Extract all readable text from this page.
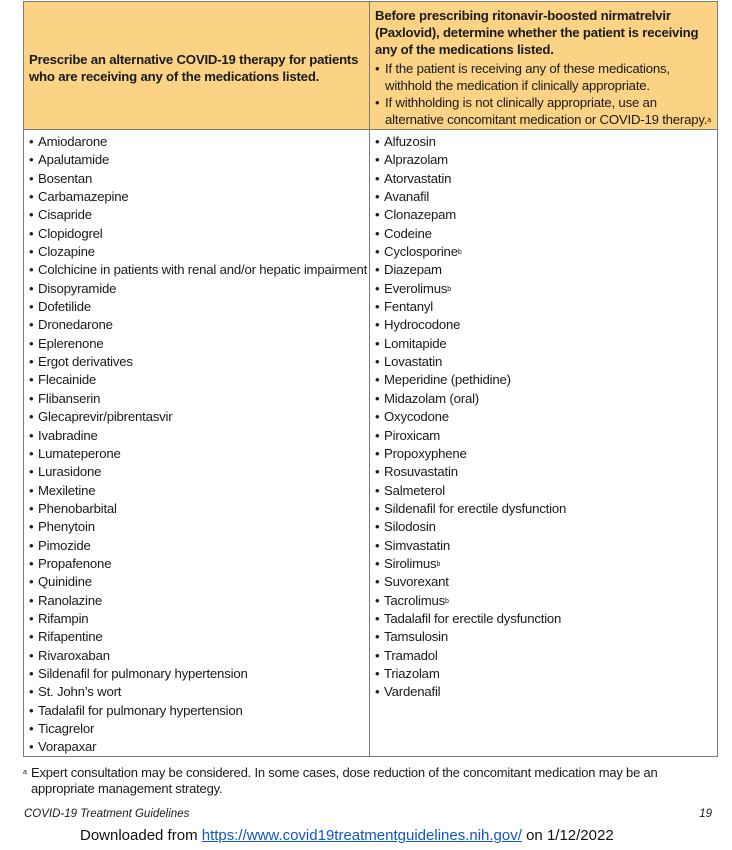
Prescribe an alternative COVID-19 therapy for patients who are receiving any of the medications listed.
Before prescribing ritonavir-boosted nirmatrelvir (Paxlovid), determine whether the patient is receiving any of the medications listed.
• If the patient is receiving any of these medications, withhold the medication if clinically appropriate.
• If withholding is not clinically appropriate, use an alternative concomitant medication or COVID-19 therapy.$^a$
• Amiodarone
• Apalutamide
• Bosentan
• Carbamazepine
• Cisapride
• Clopidogrel
• Clozapine
• Colchicine in patients with renal and/or hepatic impairment
• Disopyramide
• Dofetilide
• Dronedarone
• Eplerenone
• Ergot derivatives
• Flecainide
• Flibanserin
• Glecaprevir/pibrentasvir
• Ivabradine
• Lumateperone
• Lurasidone
• Mexiletine
• Phenobarbital
• Phenytoin
• Pimozide
• Propafenone
• Quinidine
• Ranolazine
• Rifampin
• Rifapentine
• Rivaroxaban
• Sildenafil for pulmonary hypertension
• St. John’s wort
• Tadalafil for pulmonary hypertension
• Ticagrelor
• Vorapaxar
• Alfuzosin
• Alprazolam
• Atorvastatin
• Avanafil
• Clonazepam
• Codeine
• Cyclosporine$^b$
• Diazepam
• Everolimus$^b$
• Fentanyl
• Hydrocodone
• Lomitapide
• Lovastatin
• Meperidine (pethidine)
• Midazolam (oral)
• Oxycodone
• Piroxicam
• Propoxyphene
• Rosuvastatin
• Salmeterol
• Sildenafil for erectile dysfunction
• Silodosin
• Simvastatin
• Sirolimus$^b$
• Suvorexant
• Tacrolimus$^b$
• Tadalafil for erectile dysfunction
• Tamsulosin
• Tramadol
• Triazolam
• Vardenafil
a Expert consultation may be considered. In some cases, dose reduction of the concomitant medication may be an appropriate management strategy.
COVID-19 Treatment Guidelines	19
Downloaded from https://www.covid19treatmentguidelines.nih.gov/ on 1/12/2022
